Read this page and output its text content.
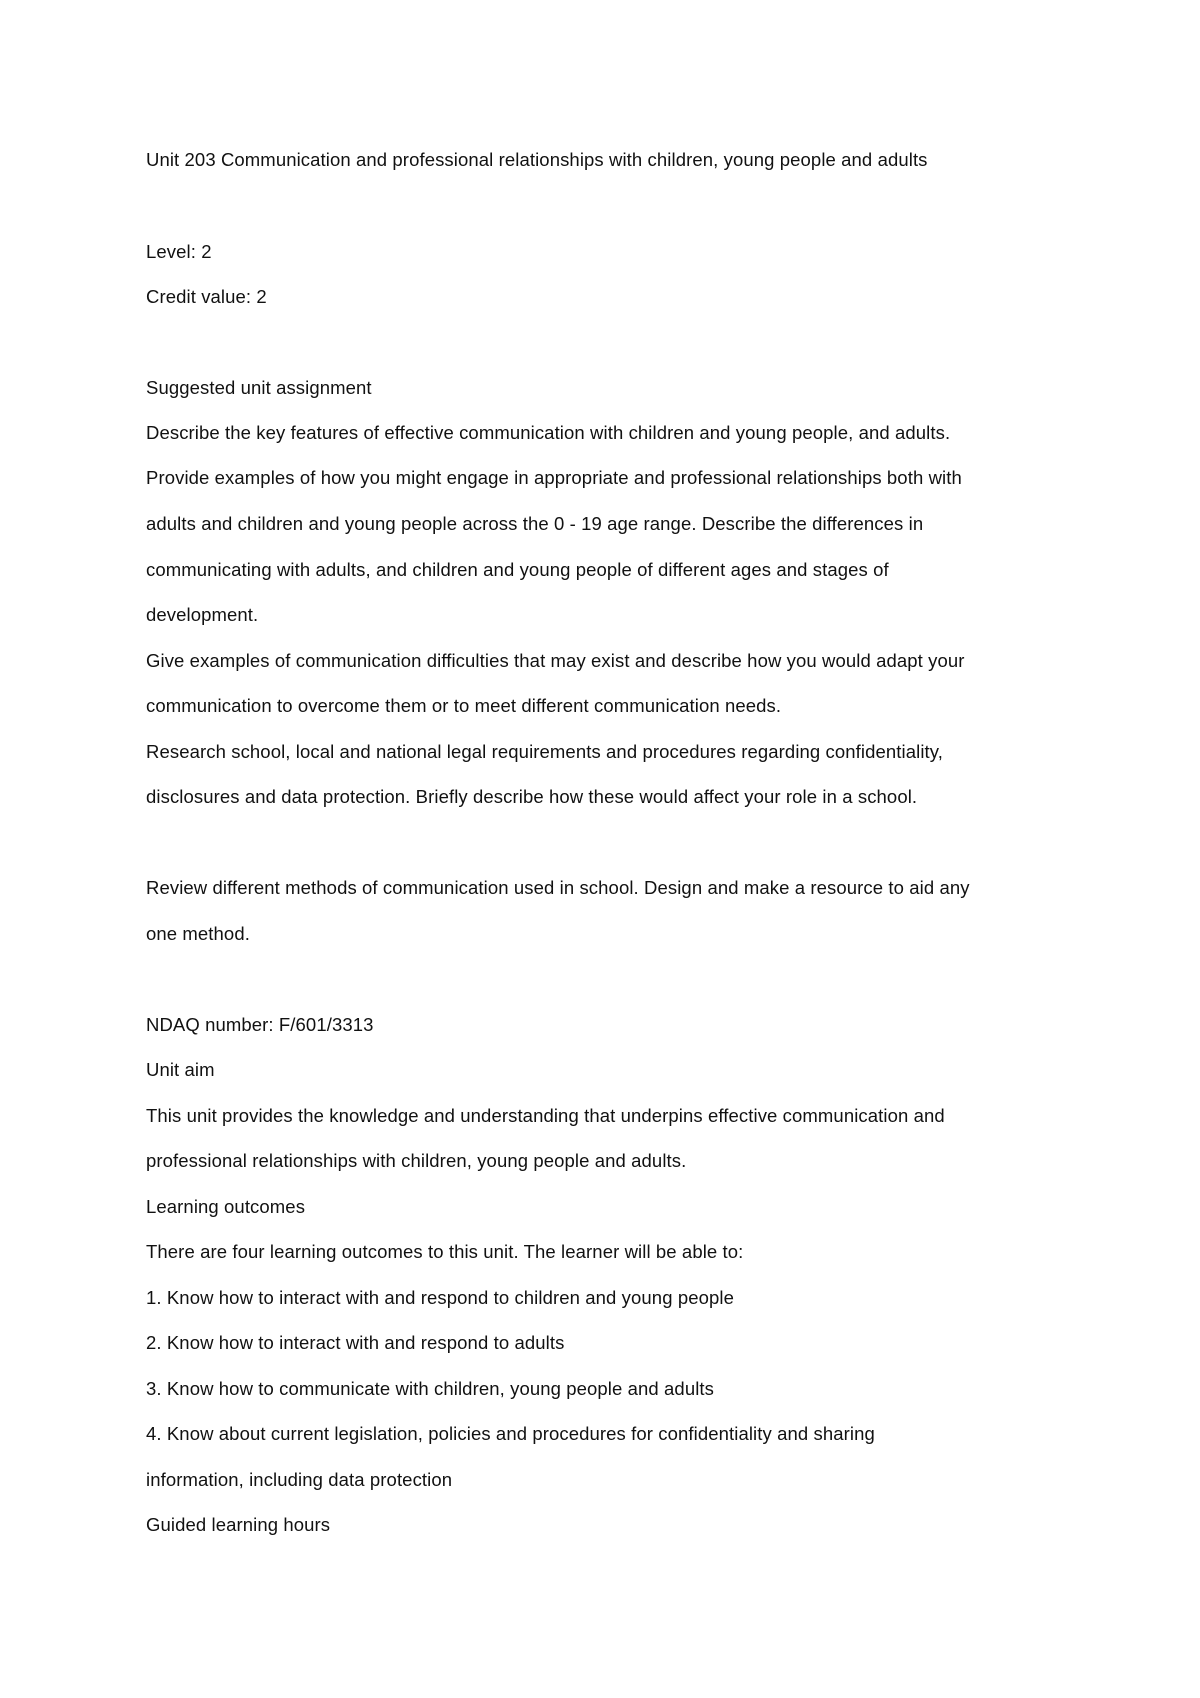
Unit 203 Communication and professional relationships with children, young people and adults
Level: 2
Credit value: 2
Suggested unit assignment
Describe the key features of effective communication with children and young people, and adults.
Provide examples of how you might engage in appropriate and professional relationships both with
adults and children and young people across the 0 - 19 age range. Describe the differences in
communicating with adults, and children and young people of different ages and stages of
development.
Give examples of communication difficulties that may exist and describe how you would adapt your
communication to overcome them or to meet different communication needs.
Research school, local and national legal requirements and procedures regarding confidentiality,
disclosures and data protection. Briefly describe how these would affect your role in a school.
Review different methods of communication used in school. Design and make a resource to aid any
one method.
NDAQ number: F/601/3313
Unit aim
This unit provides the knowledge and understanding that underpins effective communication and
professional relationships with children, young people and adults.
Learning outcomes
There are four learning outcomes to this unit. The learner will be able to:
1. Know how to interact with and respond to children and young people
2. Know how to interact with and respond to adults
3. Know how to communicate with children, young people and adults
4. Know about current legislation, policies and procedures for confidentiality and sharing
information, including data protection
Guided learning hours
